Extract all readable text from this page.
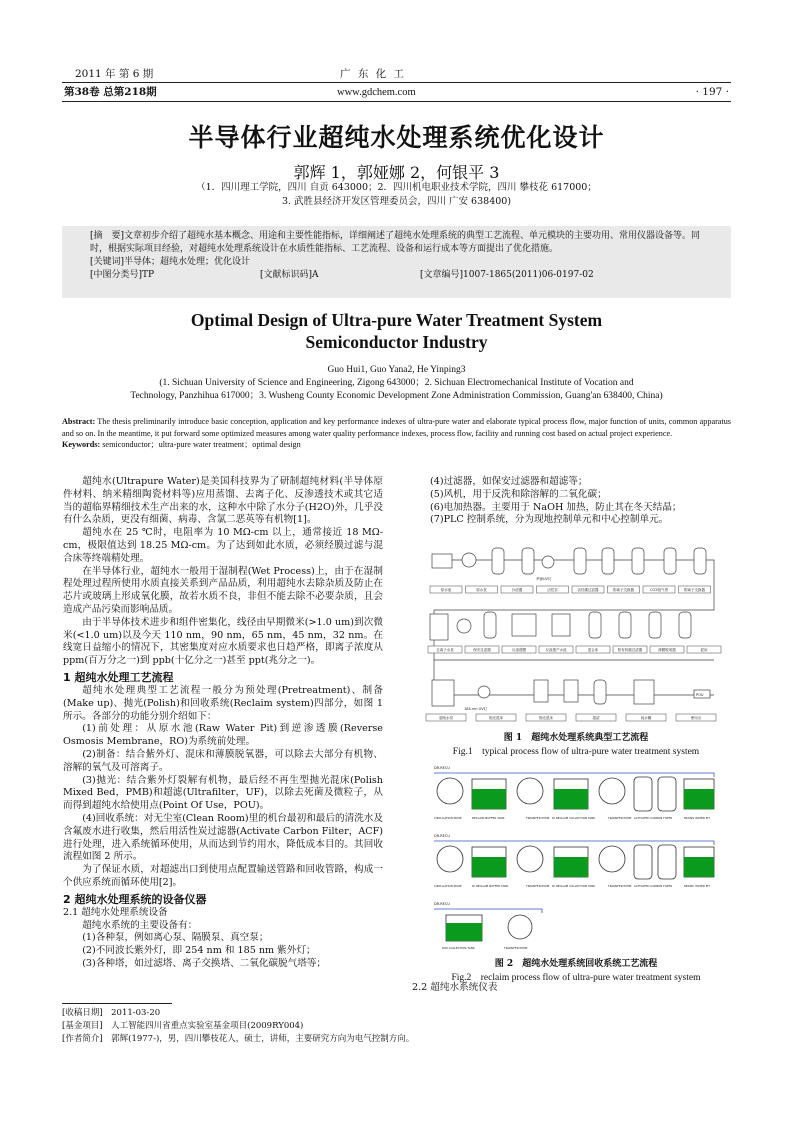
2011 年 第 6 期	广 东 化 工
第38卷 总第218期	www.gdchem.com	· 197 ·
半导体行业超纯水处理系统优化设计
郭辉 1，郭娅娜 2，何银平 3
（1．四川理工学院，四川 自贡 643000；2．四川机电职业技术学院，四川 攀枝花 617000；
3. 武胜县经济开发区管理委员会，四川 广安 638400)
[摘　要]文章初步介绍了超纯水基本概念、用途和主要性能指标，详细阐述了超纯水处理系统的典型工艺流程、单元模块的主要功用、常用仪器设备等。同时，根据实际项目经验，对超纯水处理系统设计在水质性能指标、工艺流程、设备和运行成本等方面提出了优化措施。
[关键词]半导体；超纯水处理；优化设计
[中图分类号]TP	[文献标识码]A	[文章编号]1007-1865(2011)06-0197-02
Optimal Design of Ultra-pure Water Treatment System
Semiconductor Industry
Guo Hui1, Guo Yana2, He Yinping3
(1. Sichuan University of Science and Engineering, Zigong 643000；2. Sichuan Electromechanical Institute of Vocation and
Technology, Panzhihua 617000；3. Wusheng County Economic Development Zone Administration Commission, Guang'an 638400, China)
Abstract: The thesis preliminarily introduce basic conception, application and key performance indexes of ultra-pure water and elaborate typical process flow, major function of units, common apparatus and so on. In the meantime, it put forward some optimized measures among water quality performance indexes, process flow, facility and running cost based on actual project experience.
Keywords: semiconductor；ultra-pure water treatment；optimal design

超纯水(Ultrapure Water)是美国科技界为了研制超纯材料(半导体原件材料、纳米精细陶瓷材料等)应用蒸馏、去离子化、反渗透技术或其它适当的超临界精细技术生产出来的水，这种水中除了水分子(H2O)外，几乎没有什么杂质，更没有细菌、病毒、含氯二恶英等有机物[1]。

超纯水在 25 ℃时，电阻率为 10 MΩ-cm 以上，通常接近 18 MΩ-cm，极限值达到 18.25 MΩ-cm。为了达到如此水质，必须经膜过滤与混合床等终端精处理。

在半导体行业，超纯水一般用于湿制程(Wet Process)上，由于在湿制程处理过程所使用水质直接关系到产品品质，利用超纯水去除杂质及防止在芯片或玻璃上形成氧化膜，故若水质不良，非但不能去除不必要杂质，且会造成产品污染而影响品质。

由于半导体技术进步和组件密集化，线径由早期微米(>1.0 um)到次微米(<1.0 um)以及今天 110 nm，90 nm，65 nm，45 nm，32 nm。在线宽日益缩小的情况下，其密集度对应水质要求也日趋严格，即离子浓度从 ppm(百万分之一)到 ppb(十亿分之一)甚至 ppt(兆分之一)。

1 超纯水处理工艺流程

超纯水处理典型工艺流程一般分为预处理(Pretreatment)、制备(Make up)、抛光(Polish)和回收系统(Reclaim system)四部分，如图 1 所示。各部分的功能分别介绍如下：

(1)前处理：从原水池(Raw Water Pit)到逆渗透膜(Reverse Osmosis Membrane，RO)为系统前处理。

(2)制备：结合紫外灯、混床和薄膜脱氧器，可以除去大部分有机物、溶解的氧气及可溶离子。

(3)抛光：结合紫外灯裂解有机物，最后经不再生型抛光混床(Polish Mixed Bed，PMB)和超滤(Ultrafilter，UF)，以除去死菌及微粒子，从而得到超纯水给使用点(Point Of Use，POU)。

(4)回收系统：对无尘室(Clean Room)里的机台最初和最后的清洗水及含氟废水进行收集，然后用活性炭过滤器(Activate Carbon Filter，ACF)进行处理，进入系统循环使用，从而达到节约用水，降低成本目的。其回收流程如图 2 所示。

为了保证水质，对超滤出口到使用点配置输送管路和回收管路，构成一个供应系统而循环使用[2]。

2 超纯水处理系统的设备仪器
2.1 超纯水处理系统设备

超纯水系统的主要设备有：

(1)各种泵，例如离心泵、隔膜泵、真空泵；

(2)不同波长紫外灯，即 254 nm 和 185 nm 紫外灯；

(3)各种塔，如过滤塔、离子交换塔、二氧化碳脱气塔等；

(4)过滤器，如保安过滤器和超滤等；

(5)风机，用于反洗和除溶解的二氧化碳；

(6)电加热器。主要用于 NaOH 加热，防止其在冬天结晶；

(7)PLC 控制系统，分为现地控制单元和中心控制单元。

原水池	原水泵	沙滤器	活性炭	活性碳过滤器	阴离子交换器	CO2脱气塔	阴离子交换器
去离子水泵	保安过滤器	反渗透膜	反渗透产水池	混合床	阳有机碳过滤器	薄膜脱氧器	混床
超纯水泵	抛光混床	抛光混床	超滤	纯水罐	使用点
杀菌UV灯
185-nm UV灯
POU
图 1　超纯水处理系统典型工艺流程
Fig.1　typical process flow of ultra-pure water treatment system
DR-RECU
CIRCULATION PUMP	RECLAIM BUFFER TANK	TRANSFER PUMP DI RECLAIM COLLECTION TANK	TRANSFER PUMP ACTIVATED CARBON FILTER	MIXING WATER PIT
DR-RECU
CIRCULATION PUMP	DI RECLAIM BUFFER TANK	TRANSFER PUMP DI RECLAIM COLLECTION TANK	TRANSFER PUMP ACTIVATED CARBON FILTER	RECIRC WATER PIT
DR-RECU
DIW COLLECTION TANK	TRANSFER PUMP
图 2　超纯水处理系统回收系统工艺流程
Fig.2　reclaim process flow of ultra-pure water treatment system
2.2 超纯水系统仪表
[收稿日期]　2011-03-20
[基金项目]　人工智能四川省重点实验室基金项目(2009RY004)
[作者简介]　郭辉(1977-)，男，四川攀枝花人，硕士，讲师，主要研究方向为电气控制方向。
